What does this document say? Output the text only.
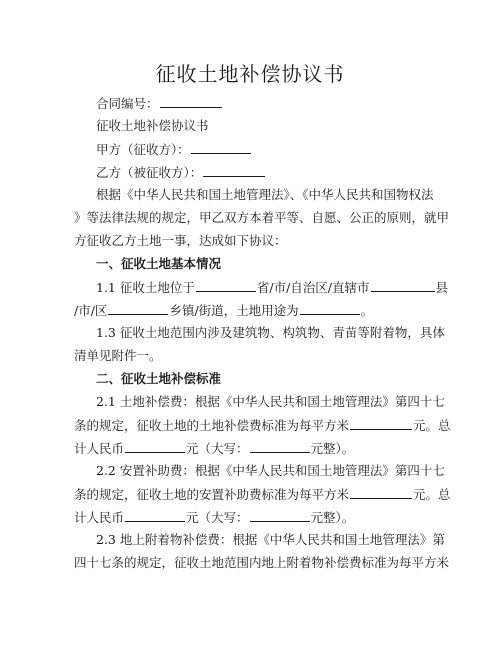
征收土地补偿协议书
合同编号：
征收土地补偿协议书
甲方（征收方）：
乙方（被征收方）：
根据《中华人民共和国土地管理法》、《中华人民共和国物权法
》等法律法规的规定，甲乙双方本着平等、自愿、公正的原则，就甲
方征收乙方土地一事，达成如下协议：
一、征收土地基本情况
1.1 征收土地位于	省/市/自治区/直辖市	县
/市/区	乡镇/街道，土地用途为	。
1.3 征收土地范围内涉及建筑物、构筑物、青苗等附着物，具体
清单见附件一。
二、征收土地补偿标准
2.1 土地补偿费：根据《中华人民共和国土地管理法》第四十七
条的规定，征收土地的土地补偿费标准为每平方米	元。总
计人民币	元（大写：	元整）。
2.2 安置补助费：根据《中华人民共和国土地管理法》第四十七
条的规定，征收土地的安置补助费标准为每平方米	元。总
计人民币	元（大写：	元整）。
2.3 地上附着物补偿费：根据《中华人民共和国土地管理法》第
四十七条的规定，征收土地范围内地上附着物补偿费标准为每平方米
